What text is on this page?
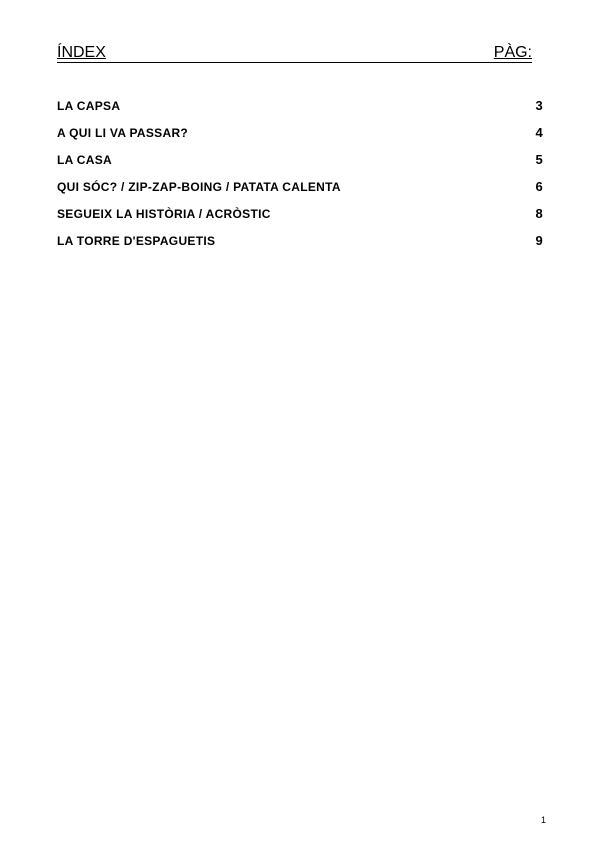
ÍNDEX	PÀG:
LA CAPSA	3
A QUI LI VA PASSAR?	4
LA CASA	5
QUI SÓC? / ZIP-ZAP-BOING / PATATA CALENTA	6
SEGUEIX LA HISTÒRIA / ACRÒSTIC	8
LA TORRE D'ESPAGUETIS	9
1
